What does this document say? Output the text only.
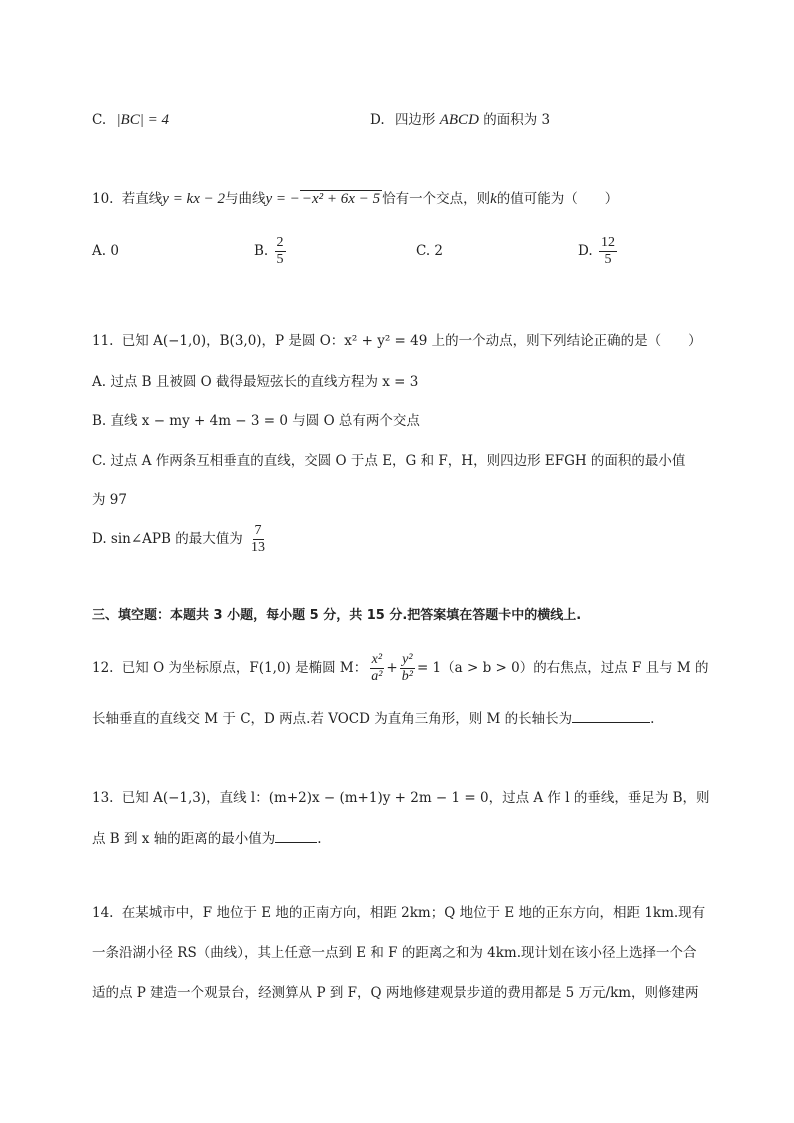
C. |BC| = 4	D. 四边形 ABCD 的面积为 3
10. 若直线y = kx − 2与曲线y = − −x² + 6x − 5 恰有一个交点，则k的值可能为（　　）
A. 0	B. $\frac{2}{5}$	C. 2	D. $\frac{12}{5}$
11. 已知 A(−1,0)，B(3,0)，P 是圆 O：x² + y² = 49 上的一个动点，则下列结论正确的是（　　）
A. 过点 B 且被圆 O 截得最短弦长的直线方程为 x = 3
B. 直线 x − my + 4m − 3 = 0 与圆 O 总有两个交点
C. 过点 A 作两条互相垂直的直线，交圆 O 于点 E，G 和 F，H，则四边形 EFGH 的面积的最小值
为 97
D. sin∠APB 的最大值为 $\frac{7}{13}$
三、填空题：本题共 3 小题，每小题 5 分，共 15 分.把答案填在答题卡中的横线上.
12. 已知 O 为坐标原点，F(1,0) 是椭圆 M： $\frac{\text{x²}}{\text{a²}} + \frac{\text{y²}}{\text{b²}} = 1(a > b > 0)$的右焦点，过点 F 且与 M 的
长轴垂直的直线交 M 于 C，D 两点.若 VOCD 为直角三角形，则 M 的长轴长为	.
13. 已知 A(−1,3)，直线 l：(m+2)x − (m+1)y + 2m − 1 = 0，过点 A 作 l 的垂线，垂足为 B，则
点 B 到 x 轴的距离的最小值为	.
14. 在某城市中，F 地位于 E 地的正南方向，相距 2km；Q 地位于 E 地的正东方向，相距 1km.现有
一条沿湖小径 RS（曲线），其上任意一点到 E 和 F 的距离之和为 4km.现计划在该小径上选择一个合
适的点 P 建造一个观景台，经测算从 P 到 F，Q 两地修建观景步道的费用都是 5 万元/km，则修建两
